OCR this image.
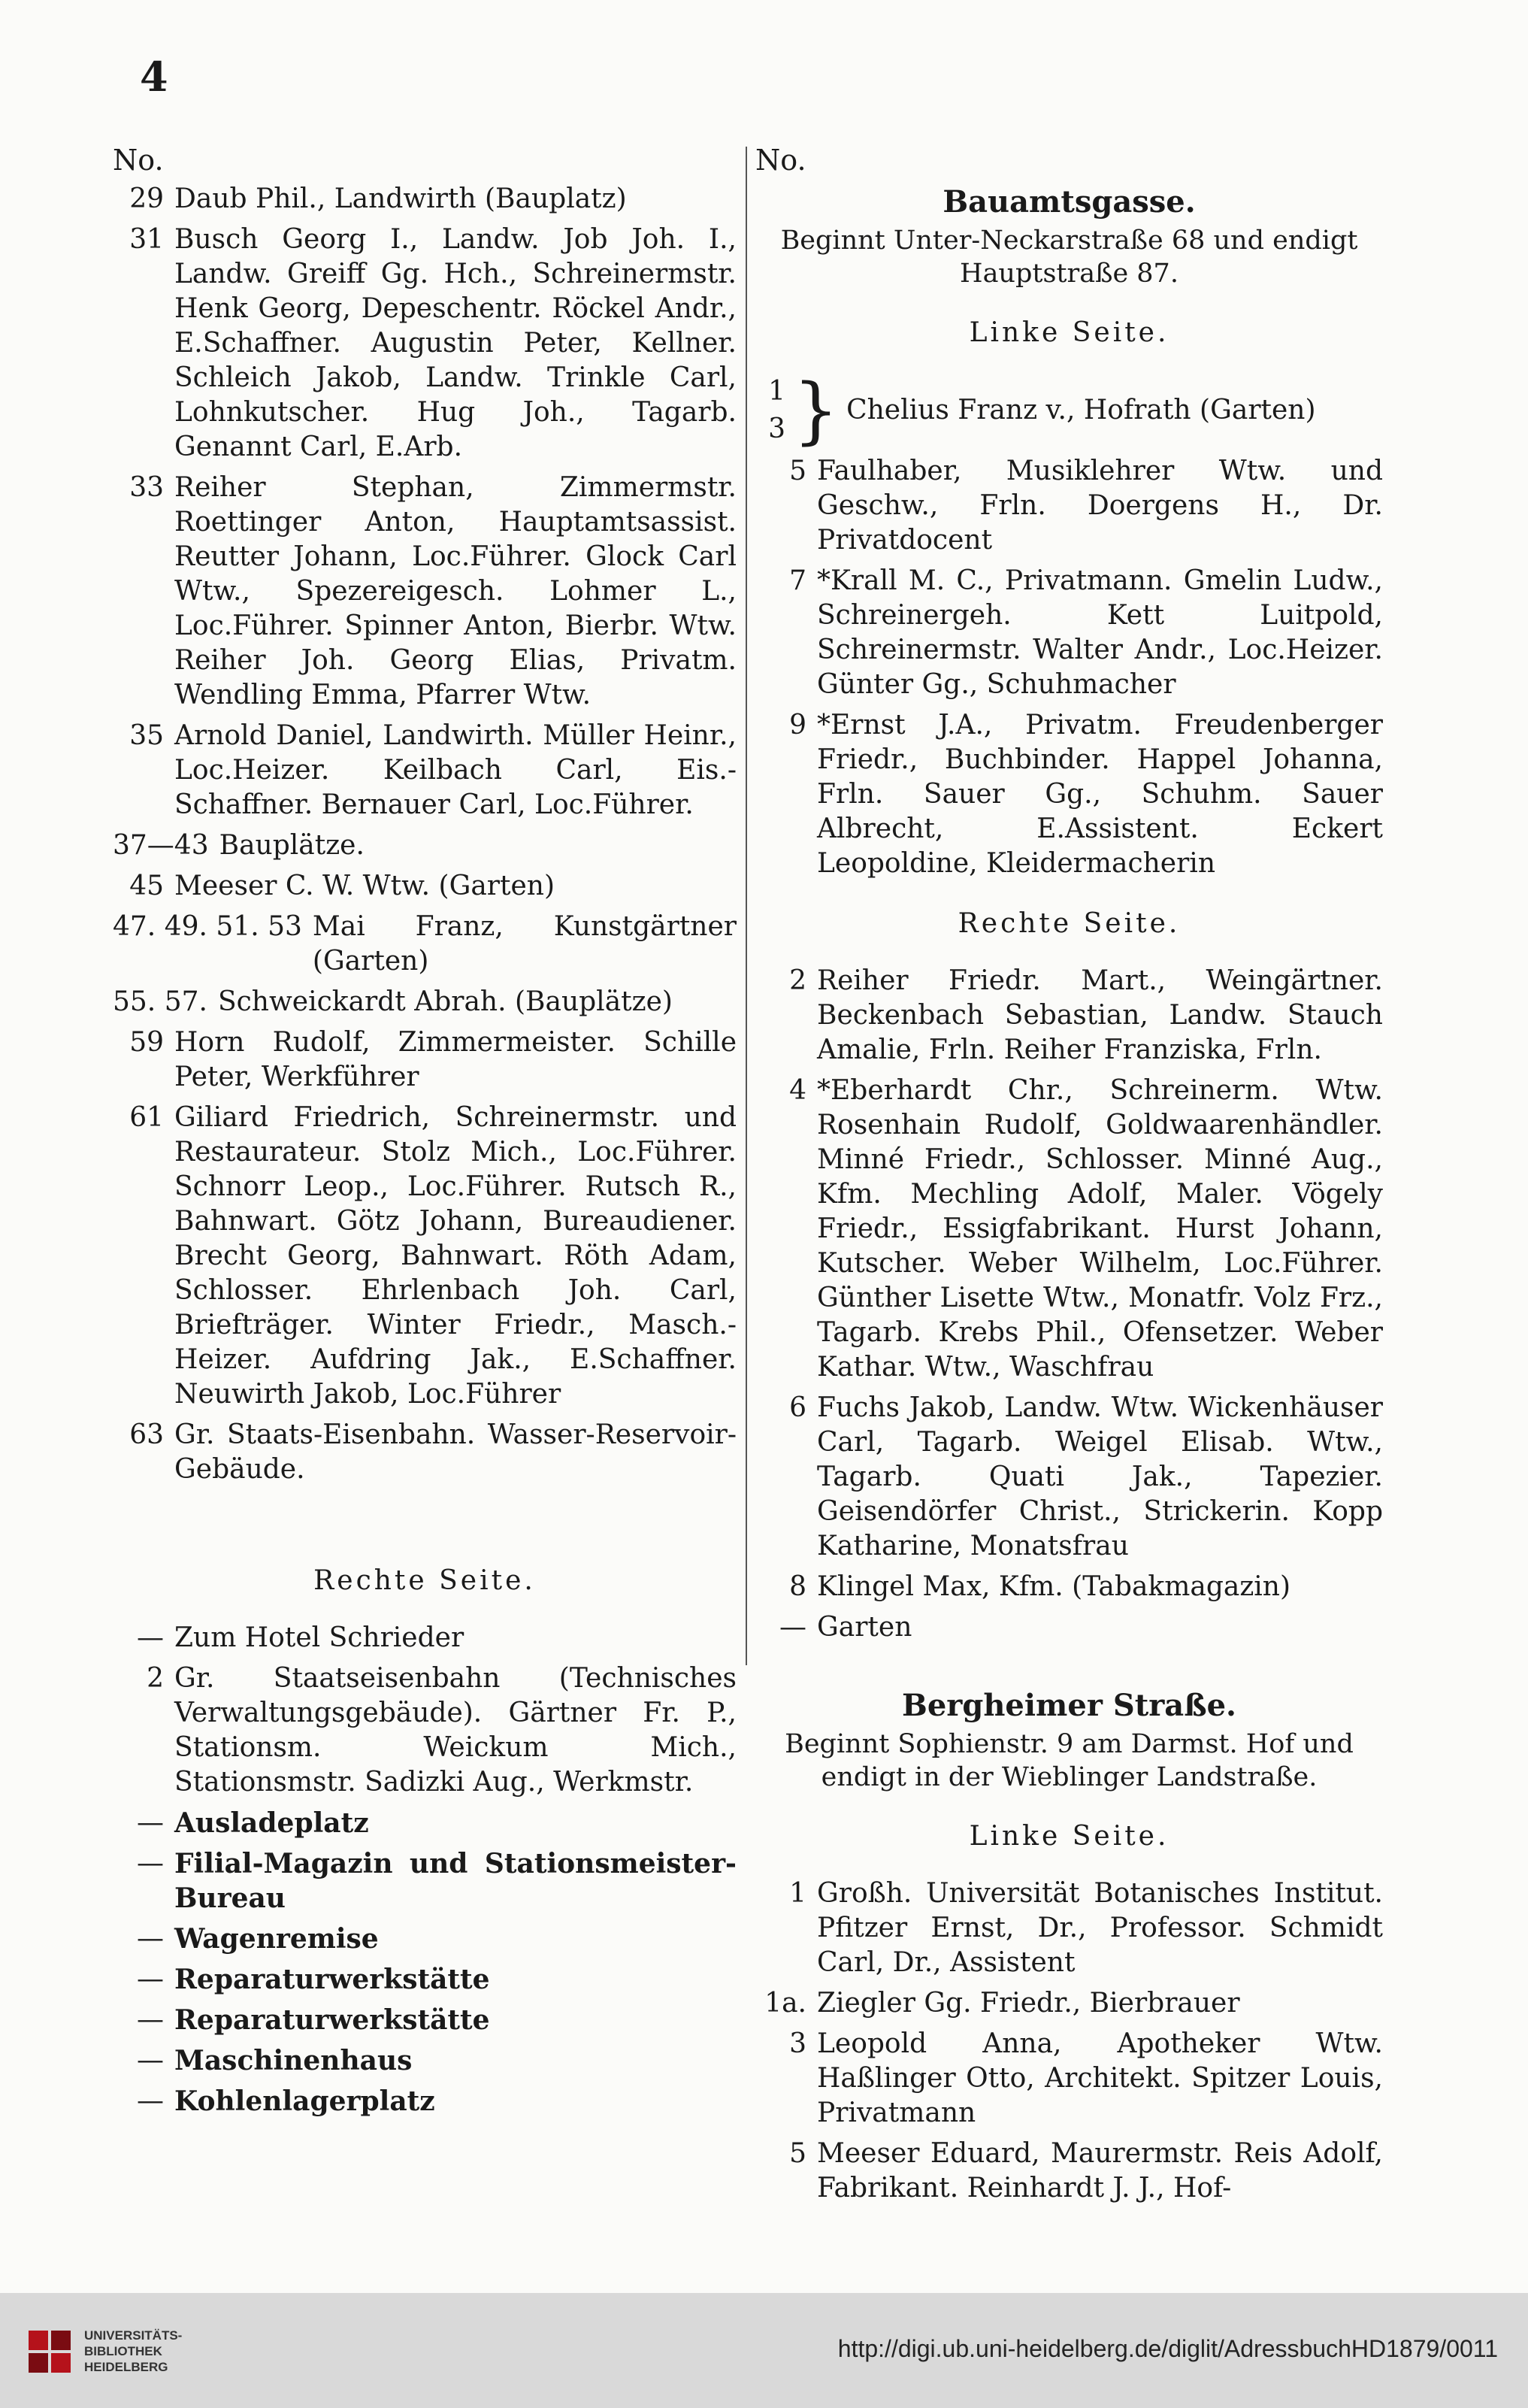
4
No.
29 Daub Phil., Landwirth (Bauplatz)
31 Busch Georg I., Landw. Job Joh. I., Landw. Greiff Gg. Hch., Schreinermstr. Henk Georg, Depeschentr. Röckel Andr., E.Schaffner. Augustin Peter, Kellner. Schleich Jakob, Landw. Trinkle Carl, Lohnkutscher. Hug Joh., Tagarb. Genannt Carl, E.Arb.
33 Reiher Stephan, Zimmermstr. Roettinger Anton, Hauptamtsassist. Reutter Johann, Loc.Führer. Glock Carl Wtw., Spezereigesch. Lohmer L., Loc.Führer. Spinner Anton, Bierbr. Wtw. Reiher Joh. Georg Elias, Privatm. Wendling Emma, Pfarrer Wtw.
35 Arnold Daniel, Landwirth. Müller Heinr., Loc.Heizer. Keilbach Carl, Eis.-Schaffner. Bernauer Carl, Loc.Führer.
37—43 Bauplätze.
45 Meeser C. W. Wtw. (Garten)
47. 49. 51. 53 Mai Franz, Kunstgärtner (Garten)
55. 57. Schweickardt Abrah. (Bauplätze)
59 Horn Rudolf, Zimmermeister. Schille Peter, Werkführer
61 Giliard Friedrich, Schreinermstr. und Restaurateur. Stolz Mich., Loc.Führer. Schnorr Leop., Loc.Führer. Rutsch R., Bahnwart. Götz Johann, Bureaudiener. Brecht Georg, Bahnwart. Röth Adam, Schlosser. Ehrlenbach Joh. Carl, Briefträger. Winter Friedr., Masch.-Heizer. Aufdring Jak., E.Schaffner. Neuwirth Jakob, Loc.Führer
63 Gr. Staats-Eisenbahn. Wasser-Reservoir-Gebäude.
Rechte Seite.
— Zum Hotel Schrieder
2 Gr. Staatseisenbahn (Technisches Verwaltungsgebäude). Gärtner Fr. P., Stationsm. Weickum Mich., Stationsmstr. Sadizki Aug., Werkmstr.
— Ausladeplatz
— Filial-Magazin und Stationsmeister-Bureau
— Wagenremise
— Reparaturwerkstätte
— Reparaturwerkstätte
— Maschinenhaus
— Kohlenlagerplatz
No.
Bauamtsgasse.
Beginnt Unter-Neckarstraße 68 und endigt Hauptstraße 87.
Linke Seite.
1
3 } Chelius Franz v., Hofrath (Garten)
5 Faulhaber, Musiklehrer Wtw. und Geschw., Frln. Doergens H., Dr. Privatdocent
7 *Krall M. C., Privatmann. Gmelin Ludw., Schreinergeh. Kett Luitpold, Schreinermstr. Walter Andr., Loc.Heizer. Günter Gg., Schuhmacher
9 *Ernst J.A., Privatm. Freudenberger Friedr., Buchbinder. Happel Johanna, Frln. Sauer Gg., Schuhm. Sauer Albrecht, E.Assistent. Eckert Leopoldine, Kleidermacherin
Rechte Seite.
2 Reiher Friedr. Mart., Weingärtner. Beckenbach Sebastian, Landw. Stauch Amalie, Frln. Reiher Franziska, Frln.
4 *Eberhardt Chr., Schreinerm. Wtw. Rosenhain Rudolf, Goldwaarenhändler. Minné Friedr., Schlosser. Minné Aug., Kfm. Mechling Adolf, Maler. Vögely Friedr., Essigfabrikant. Hurst Johann, Kutscher. Weber Wilhelm, Loc.Führer. Günther Lisette Wtw., Monatfr. Volz Frz., Tagarb. Krebs Phil., Ofensetzer. Weber Kathar. Wtw., Waschfrau
6 Fuchs Jakob, Landw. Wtw. Wickenhäuser Carl, Tagarb. Weigel Elisab. Wtw., Tagarb. Quati Jak., Tapezier. Geisendörfer Christ., Strickerin. Kopp Katharine, Monatsfrau
8 Klingel Max, Kfm. (Tabakmagazin)
— Garten
Bergheimer Straße.
Beginnt Sophienstr. 9 am Darmst. Hof und endigt in der Wieblinger Landstraße.
Linke Seite.
1 Großh. Universität Botanisches Institut. Pfitzer Ernst, Dr., Professor. Schmidt Carl, Dr., Assistent
1a. Ziegler Gg. Friedr., Bierbrauer
3 Leopold Anna, Apotheker Wtw. Haßlinger Otto, Architekt. Spitzer Louis, Privatmann
5 Meeser Eduard, Maurermstr. Reis Adolf, Fabrikant. Reinhardt J. J., Hof-
UNIVERSITÄTS-
BIBLIOTHEK
HEIDELBERG
http://digi.ub.uni-heidelberg.de/diglit/AdressbuchHD1879/0011
